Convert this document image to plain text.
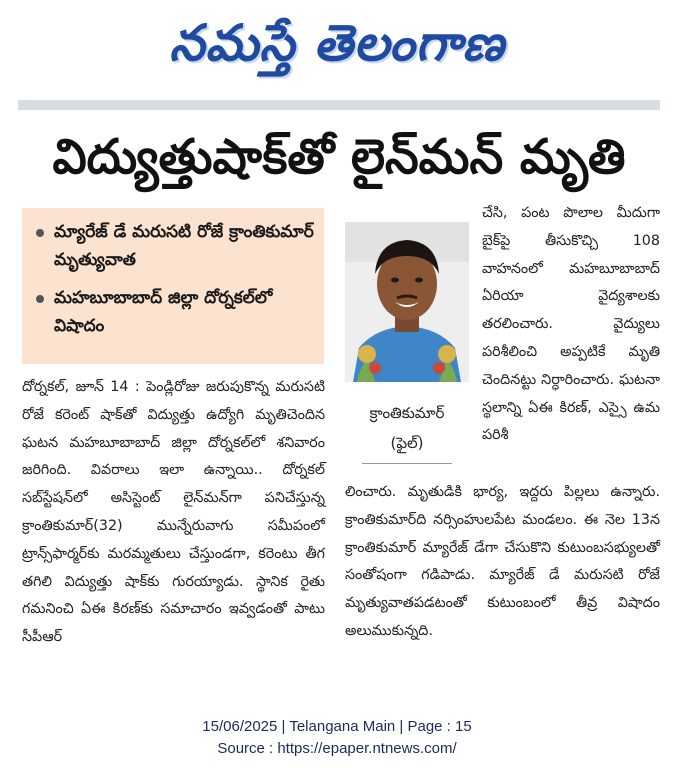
నమస్తే తెలంగాణ
విద్యుత్తుషాక్‌తో లైన్‌మన్ మృతి
మ్యారేజ్ డే మరుసటి రోజే క్రాంతికుమార్ మృత్యువాత
మహబూబాబాద్ జిల్లా దోర్నకల్‌లో విషాదం
క్రాంతికుమార్
(ఫైల్)
దోర్నకల్, జూన్ 14 : పెండ్లిరోజు జరుపుకొన్న మరుసటి రోజే కరెంట్ షాక్‌తో విద్యుత్తు ఉద్యోగి మృతిచెందిన ఘటన మహబూబాబాద్ జిల్లా దోర్నకల్‌లో శనివారం జరిగింది. వివరాలు ఇలా ఉన్నాయి.. దోర్నకల్ సబ్‌స్టేషన్‌లో అసిస్టెంట్ లైన్‌మన్‌గా పనిచేస్తున్న క్రాంతికుమార్(32) మున్నేరువాగు సమీపంలో ట్రాన్స్‌ఫార్మర్‌కు మరమ్మతులు చేస్తుండగా, కరెంటు తీగ తగిలి విద్యుత్తు షాక్‌కు గురయ్యాడు. స్థానిక రైతు గమనించి ఏఈ కిరణ్‌కు సమాచారం ఇవ్వడంతో పాటు సీపీఆర్
చేసి, పంట పొలాల మీదుగా బైక్‌పై తీసుకొచ్చి 108 వాహనంలో మహబూబాబాద్ ఏరియా వైద్యశాలకు తరలించారు. వైద్యులు పరిశీలించి అప్పటికే మృతి చెందినట్టు నిర్ధారించారు. ఘటనా స్థలాన్ని ఏఈ కిరణ్, ఎస్సై ఉమ పరిశీ
లించారు. మృతుడికి భార్య, ఇద్దరు పిల్లలు ఉన్నారు. క్రాంతికుమార్‌ది నర్సింహులపేట మండలం. ఈ నెల 13న క్రాంతికుమార్ మ్యారేజ్ డేగా చేసుకొని కుటుంబసభ్యులతో సంతోషంగా గడిపాడు. మ్యారేజ్ డే మరుసటి రోజే మృత్యువాతపడటంతో కుటుంబంలో తీవ్ర విషాదం అలుముకున్నది.
15/06/2025 | Telangana Main | Page : 15
Source : https://epaper.ntnews.com/
